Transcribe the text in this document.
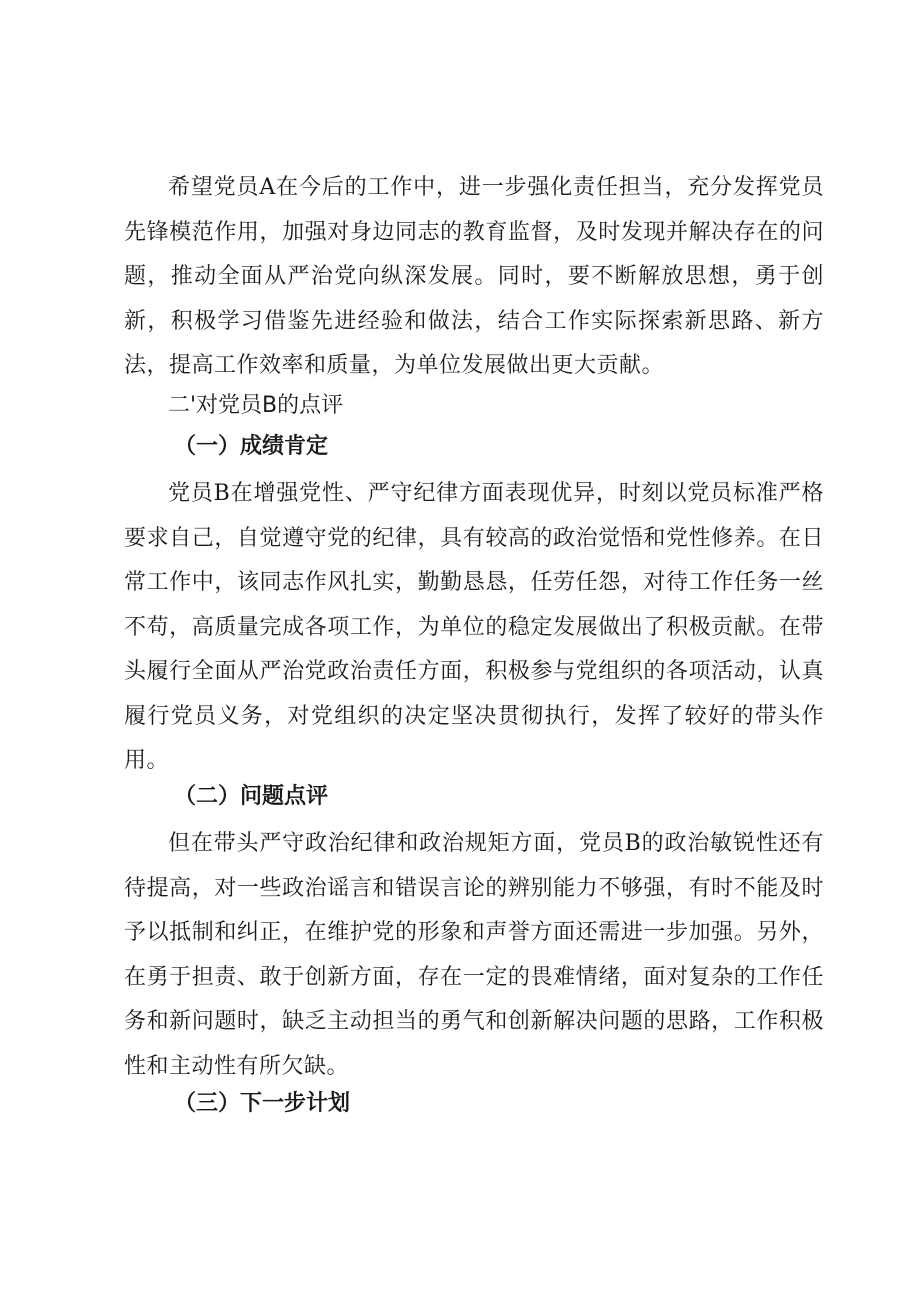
希望党员A在今后的工作中，进一步强化责任担当，充分发挥党员先锋模范作用，加强对身边同志的教育监督，及时发现并解决存在的问题，推动全面从严治党向纵深发展。同时，要不断解放思想，勇于创新，积极学习借鉴先进经验和做法，结合工作实际探索新思路、新方法，提高工作效率和质量，为单位发展做出更大贡献。

二'对党员B的点评

（一）成绩肯定

党员B在增强党性、严守纪律方面表现优异，时刻以党员标准严格要求自己，自觉遵守党的纪律，具有较高的政治觉悟和党性修养。在日常工作中，该同志作风扎实，勤勤恳恳，任劳任怨，对待工作任务一丝不苟，高质量完成各项工作，为单位的稳定发展做出了积极贡献。在带头履行全面从严治党政治责任方面，积极参与党组织的各项活动，认真履行党员义务，对党组织的决定坚决贯彻执行，发挥了较好的带头作用。

（二）问题点评

但在带头严守政治纪律和政治规矩方面，党员B的政治敏锐性还有待提高，对一些政治谣言和错误言论的辨别能力不够强，有时不能及时予以抵制和纠正，在维护党的形象和声誉方面还需进一步加强。另外，在勇于担责、敢于创新方面，存在一定的畏难情绪，面对复杂的工作任务和新问题时，缺乏主动担当的勇气和创新解决问题的思路，工作积极性和主动性有所欠缺。

（三）下一步计划
